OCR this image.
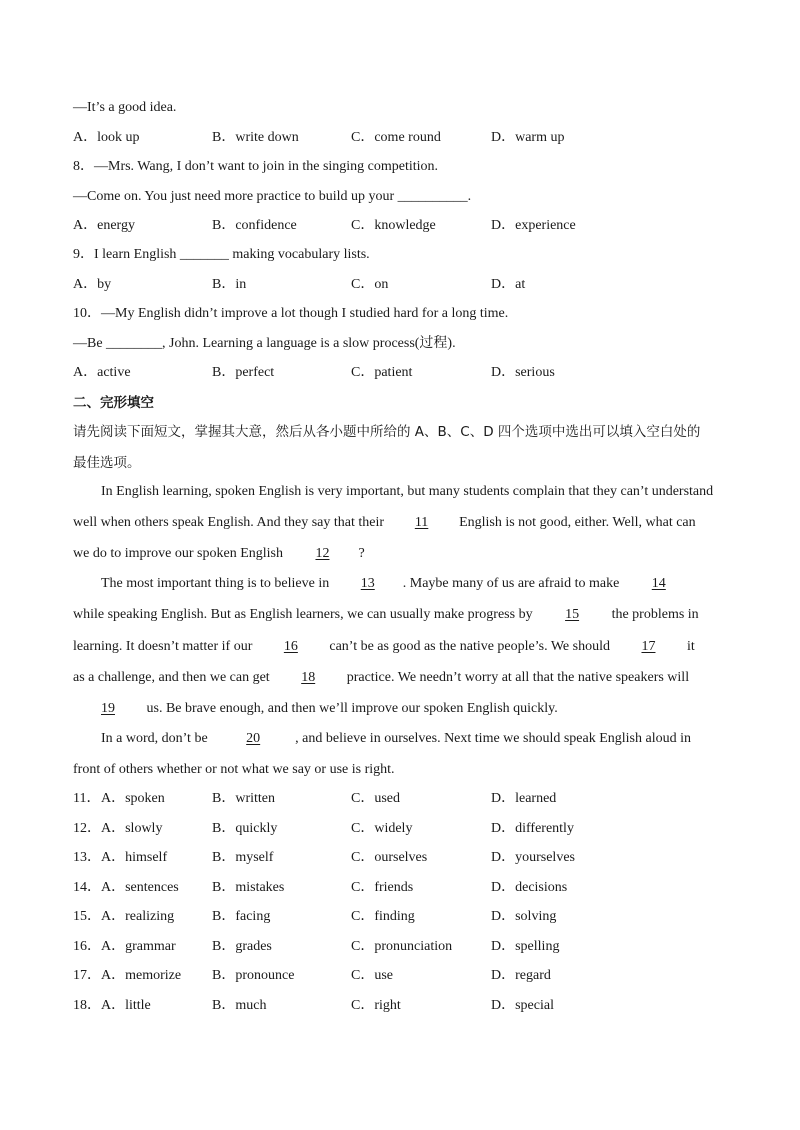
—It’s a good idea.
A．look up	B．write down	C．come round	D．warm up
8．—Mrs. Wang, I don’t want to join in the singing competition.
—Come on. You just need more practice to build up your __________.
A．energy	B．confidence	C．knowledge	D．experience
9．I learn English _______ making vocabulary lists.
A．by	B．in	C．on	D．at
10．—My English didn’t improve a lot though I studied hard for a long time.
—Be ________, John. Learning a language is a slow process(过程).
A．active	B．perfect	C．patient	D．serious
二、完形填空
请先阅读下面短文，掌握其大意，然后从各小题中所给的 A、B、C、D 四个选项中选出可以填入空白处的
最佳选项。
In English learning, spoken English is very important, but many students complain that they can’t understand
well when others speak English. And they say that their 11 English is not good, either. Well, what can
we do to improve our spoken English 12 ?
The most important thing is to believe in 13 . Maybe many of us are afraid to make 14
while speaking English. But as English learners, we can usually make progress by 15 the problems in
learning. It doesn’t matter if our 16 can’t be as good as the native people’s. We should 17 it
as a challenge, and then we can get 18 practice. We needn’t worry at all that the native speakers will
19 us. Be brave enough, and then we’ll improve our spoken English quickly.
In a word, don’t be	20	, and believe in ourselves. Next time we should speak English aloud in
front of others whether or not what we say or use is right.
11． A．spoken	B．written	C．used	D．learned
12． A．slowly	B．quickly	C．widely	D．differently
13． A．himself	B．myself	C．ourselves	D．yourselves
14． A．sentences B．mistakes	C．friends	D．decisions
15． A．realizing	B．facing	C．finding	D．solving
16． A．grammar	B．grades	C．pronunciation	D．spelling
17． A．memorize B．pronounce	C．use	D．regard
18． A．little	B．much	C．right	D．special
